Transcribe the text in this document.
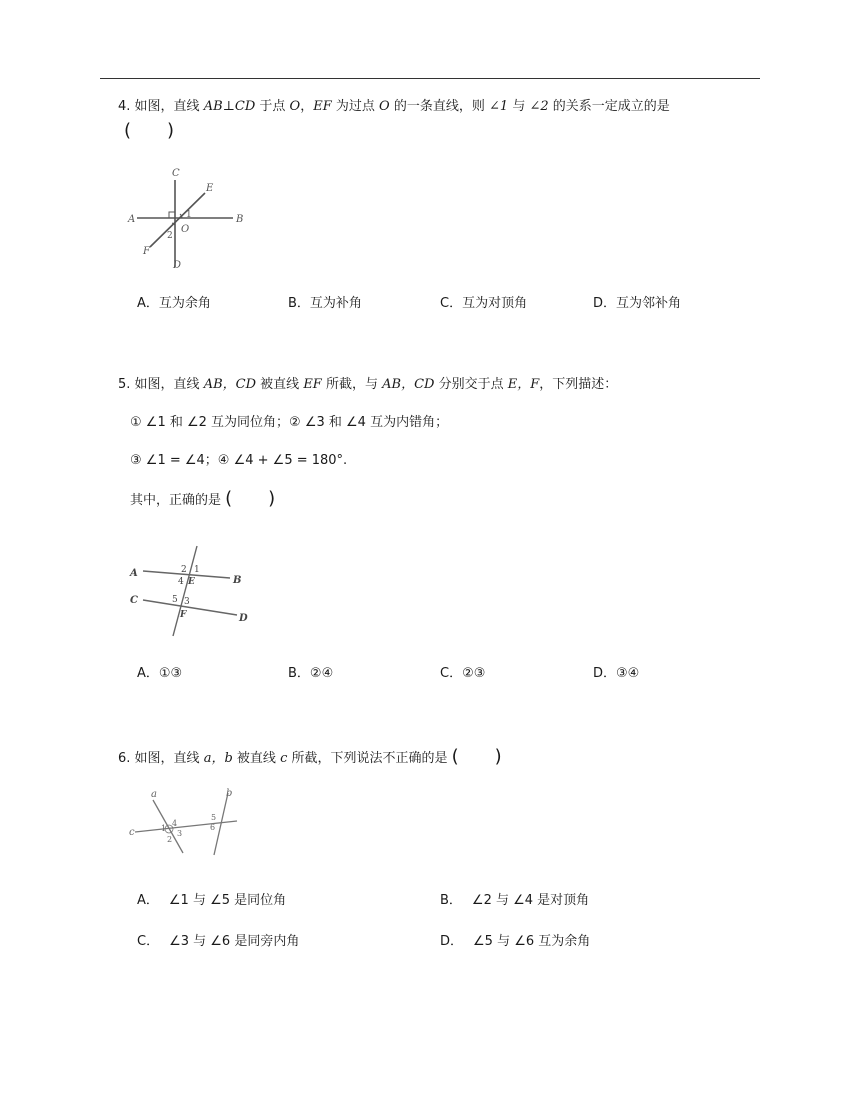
4. 如图，直线 AB⊥CD 于点 O，EF 为过点 O 的一条直线，则 ∠1 与 ∠2 的关系一定成立的是
(　　)
C
E
A	B
1
2
O
F
D
A．互为余角	B．互为补角	C．互为对顶角	D．互为邻补角
5. 如图，直线 AB，CD 被直线 EF 所截，与 AB，CD 分别交于点 E，F，下列描述：
① ∠1 和 ∠2 互为同位角；② ∠3 和 ∠4 互为内错角；
③ ∠1 = ∠4；④ ∠4 + ∠5 = 180°.
其中，正确的是 (　　)
A
B
C
D
2 1
4 E
5 3
F
A．①③	B．②④	C．②③	D．③④
6. 如图，直线 a，b 被直线 c 所截，下列说法不正确的是 (　　)
a	b
c	1
4
2
3
5
6
A． ∠1 与 ∠5 是同位角	B． ∠2 与 ∠4 是对顶角
C． ∠3 与 ∠6 是同旁内角	D． ∠5 与 ∠6 互为余角
